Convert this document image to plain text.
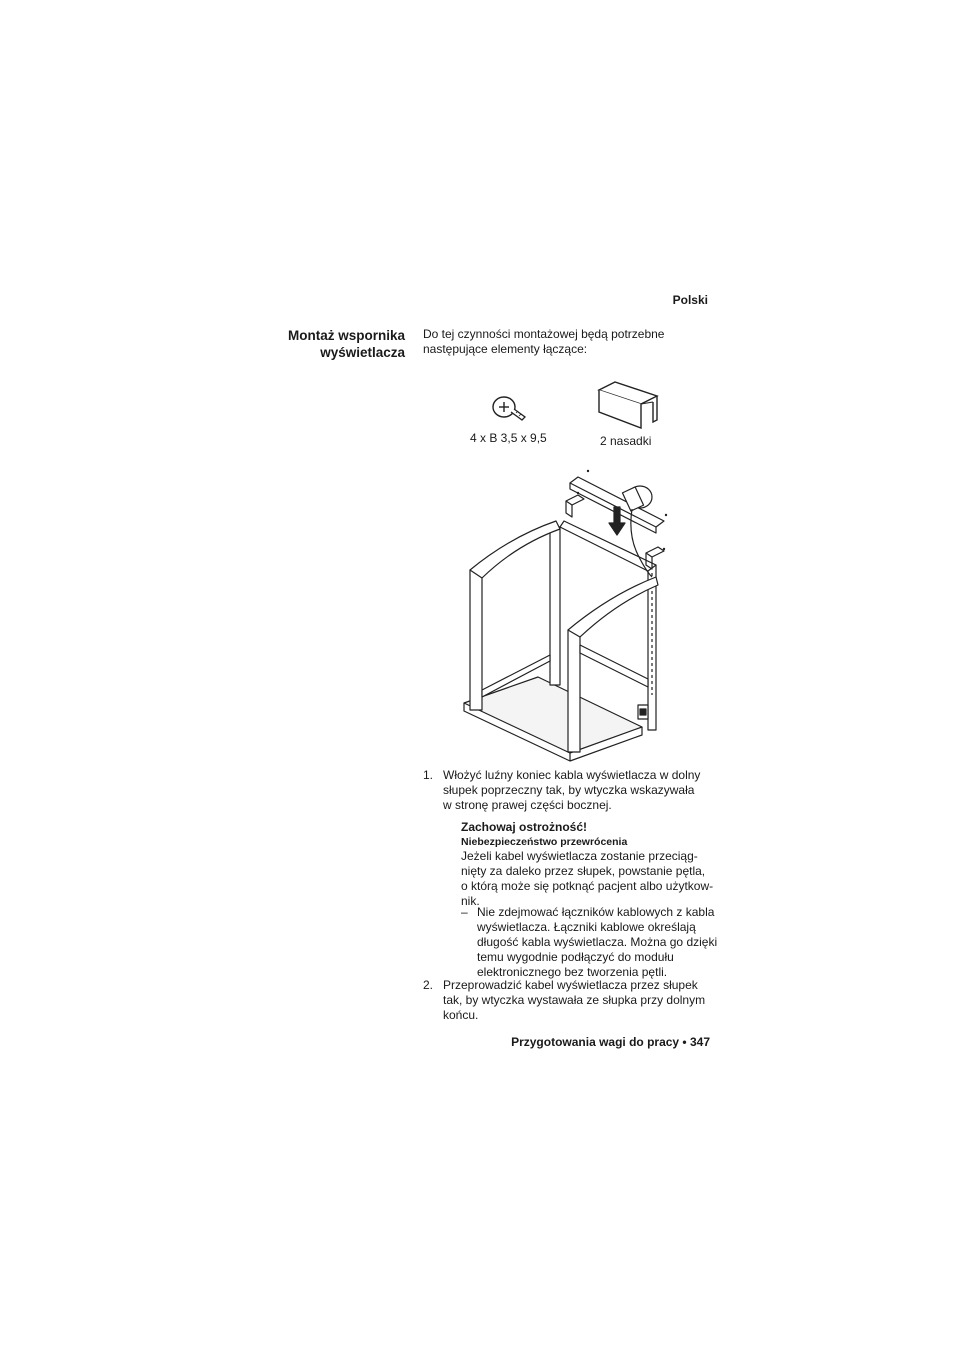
Polski
Montaż wspornika
wyświetlacza
Do tej czynności montażowej będą potrzebne
następujące elementy łączące:
4 x B 3,5 x 9,5	2 nasadki
1. Włożyć luźny koniec kabla wyświetlacza w dolny
słupek poprzeczny tak, by wtyczka wskazywała
w stronę prawej części bocznej.
Zachowaj ostrożność!
Niebezpieczeństwo przewrócenia
Jeżeli kabel wyświetlacza zostanie przeciąg-
nięty za daleko przez słupek, powstanie pętla,
o którą może się potknąć pacjent albo użytkow-
nik.
– Nie zdejmować łączników kablowych z kabla
wyświetlacza. Łączniki kablowe określają
długość kabla wyświetlacza. Można go dzięki
temu wygodnie podłączyć do modułu
elektronicznego bez tworzenia pętli.
2. Przeprowadzić kabel wyświetlacza przez słupek
tak, by wtyczka wystawała ze słupka przy dolnym
końcu.
Przygotowania wagi do pracy • 347
